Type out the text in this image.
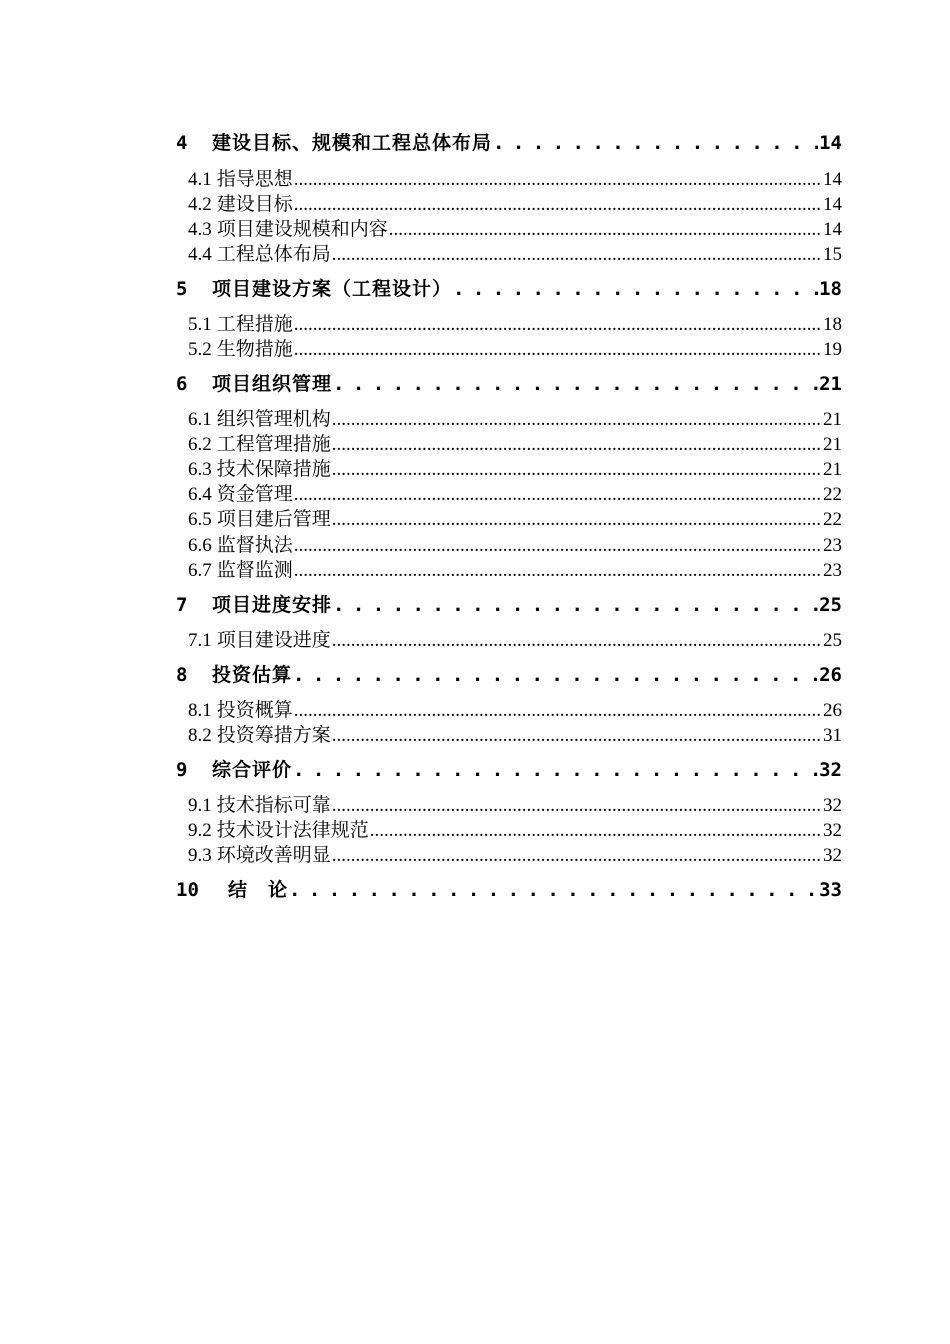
4	建设目标、规模和工程总体布局 . . .	14
4.1 指导思想 .....	14
4.2 建设目标 .....	14
4.3 项目建设规模和内容 .....	14
4.4 工程总体布局 .....	15
5	项目建设方案（工程设计） . . .	18
5.1 工程措施 .....	18
5.2 生物措施 .....	19
6	项目组织管理 . . .	21
6.1 组织管理机构 .....	21
6.2 工程管理措施 .....	21
6.3 技术保障措施 .....	21
6.4 资金管理 .....	22
6.5 项目建后管理 .....	22
6.6 监督执法 .....	23
6.7 监督监测 .....	23
7	项目进度安排 . . .	25
7.1 项目建设进度 .....	25
8	投资估算 . . .	26
8.1 投资概算 .....	26
8.2 投资筹措方案 .....	31
9	综合评价 . . .	32
9.1 技术指标可靠 .....	32
9.2 技术设计法律规范 .....	32
9.3 环境改善明显 .....	32
10	结　论 . . .	33
